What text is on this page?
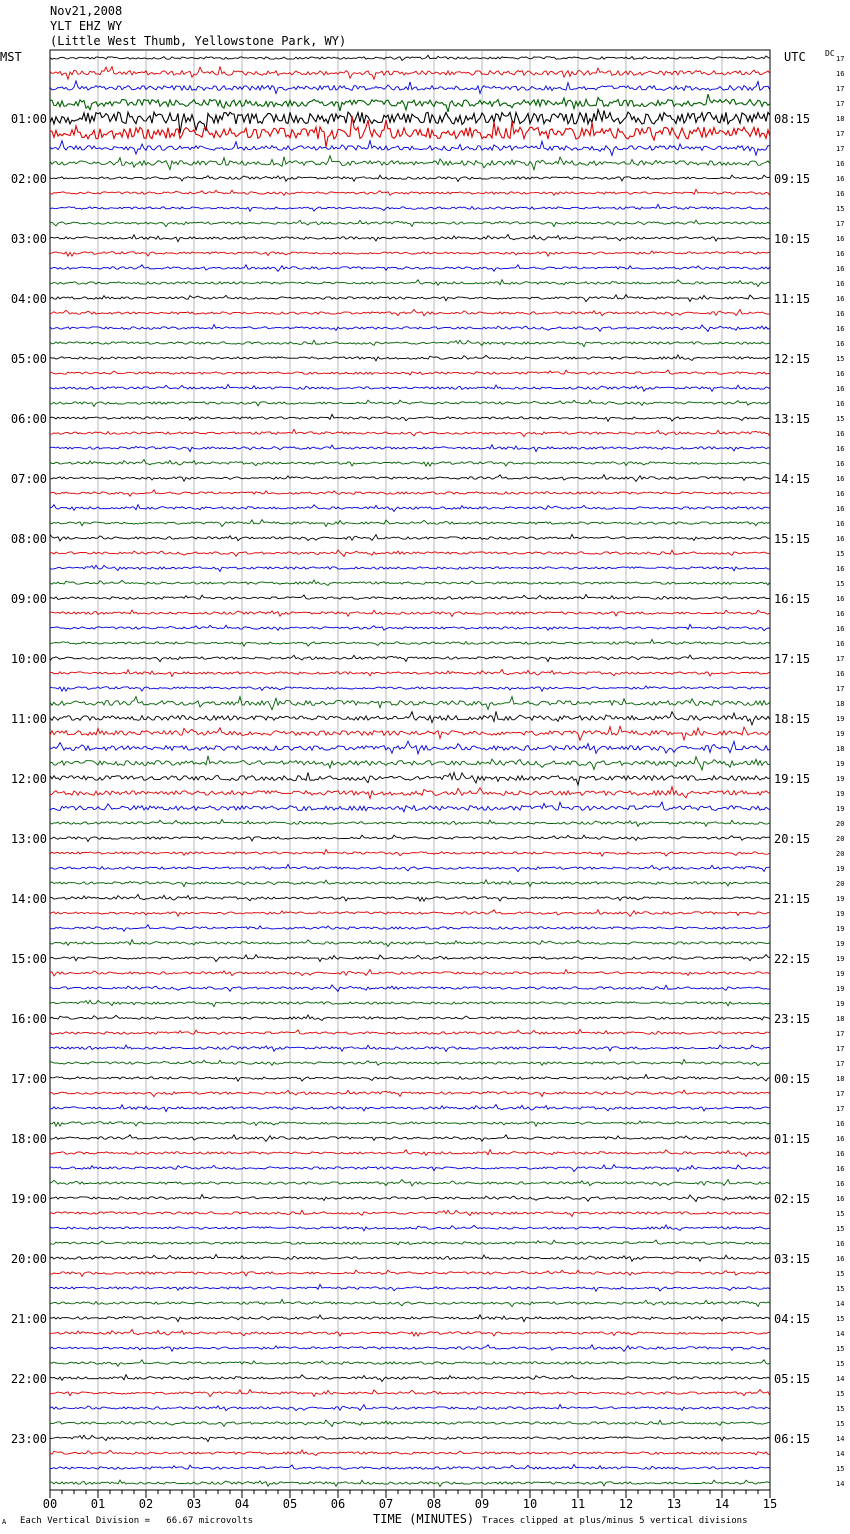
Nov21,2008
YLT EHZ WY
(Little West Thumb, Yellowstone Park, WY)
MST	UTC DC
00	01	02	03	04	05	06	07	08	09	10	11	12	13	14	15
17
16
17
17
18
17
17
16
16
16
15
17
16
16
16
16
16
16
16
16
15
16
16
16
15
16
16
16
16
16
16
16
16
15
16
15
16
16
16
16
17
16
17
18
19
19
18
19
19
19
19
20
20
20
19
20
19
19
19
19
19
19
19
19
18
17
17
17
18
17
17
16
16
16
16
16
16
15
15
16
16
15
15
14
15
14
15
15
14
15
15
15
14
14
15
14
01:00
02:00
03:00
04:00
05:00
06:00
07:00
08:00
09:00
10:00
11:00
12:00
13:00
14:00
15:00
16:00
17:00
18:00
19:00
20:00
21:00
22:00
23:00
08:15
09:15
10:15
11:15
12:15
13:15
14:15
15:15
16:15
17:15
18:15
19:15
20:15
21:15
22:15
23:15
00:15
01:15
02:15
03:15
04:15
05:15
06:15
TIME (MINUTES)
A Each Vertical Division =   66.67 microvolts	Traces clipped at plus/minus 5 vertical divisions
